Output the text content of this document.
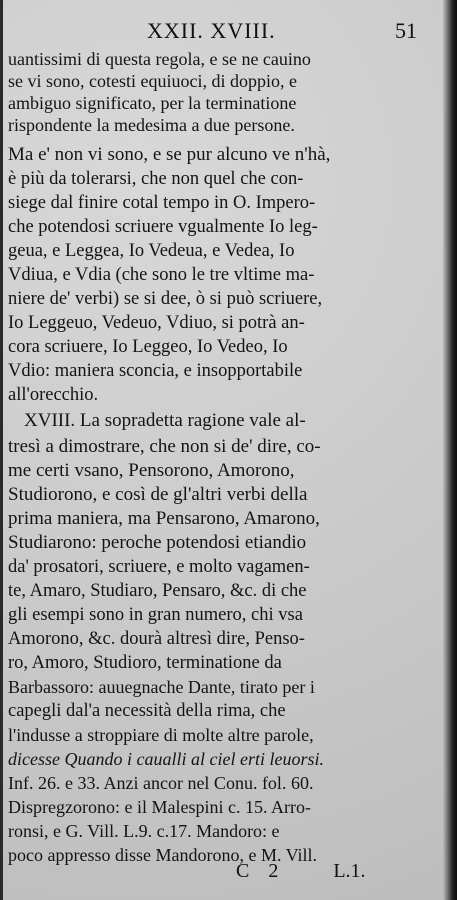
XXII. XVIII.	51
uantissimi di questa regola, e se ne cauino
se vi sono, cotesti equiuoci, di doppio, e
ambiguo significato, per la terminatione
rispondente la medesima a due persone.
Ma e' non vi sono, e se pur alcuno ve n'hà,
è più da tolerarsi, che non quel che con-
siege dal finire cotal tempo in O. Impero-
che potendosi scriuere vgualmente Io leg-
geua, e Leggea, Io Vedeua, e Vedea, Io
Vdiua, e Vdia (che sono le tre vltime ma-
niere de' verbi) se si dee, ò si può scriuere,
Io Leggeuo, Vedeuo, Vdiuo, si potrà an-
cora scriuere, Io Leggeo, Io Vedeo, Io
Vdio: maniera sconcia, e insopportabile
all'orecchio.
XVIII. La sopradetta ragione vale al-
tresì a dimostrare, che non si de' dire, co-
me certi vsano, Pensorono, Amorono,
Studiorono, e così de gl'altri verbi della
prima maniera, ma Pensarono, Amarono,
Studiarono: peroche potendosi etiandio
da' prosatori, scriuere, e molto vagamen-
te, Amaro, Studiaro, Pensaro, &c. di che
gli esempi sono in gran numero, chi vsa
Amorono, &c. dourà altresì dire, Penso-
ro, Amoro, Studioro, terminatione da
Barbassoro: auuegnache Dante, tirato per i
capegli dal'a necessità della rima, che
l'indusse a stroppiare di molte altre parole,
dicesse Quando i caualli al ciel erti leuorsi.
Inf. 26. e 33. Anzi ancor nel Conu. fol. 60.
Dispregzorono: e il Malespini c. 15. Arro-
ronsi, e G. Vill. L.9. c.17. Mandoro: e
poco appresso disse Mandorono, e M. Vill.
C 2	L.1.
